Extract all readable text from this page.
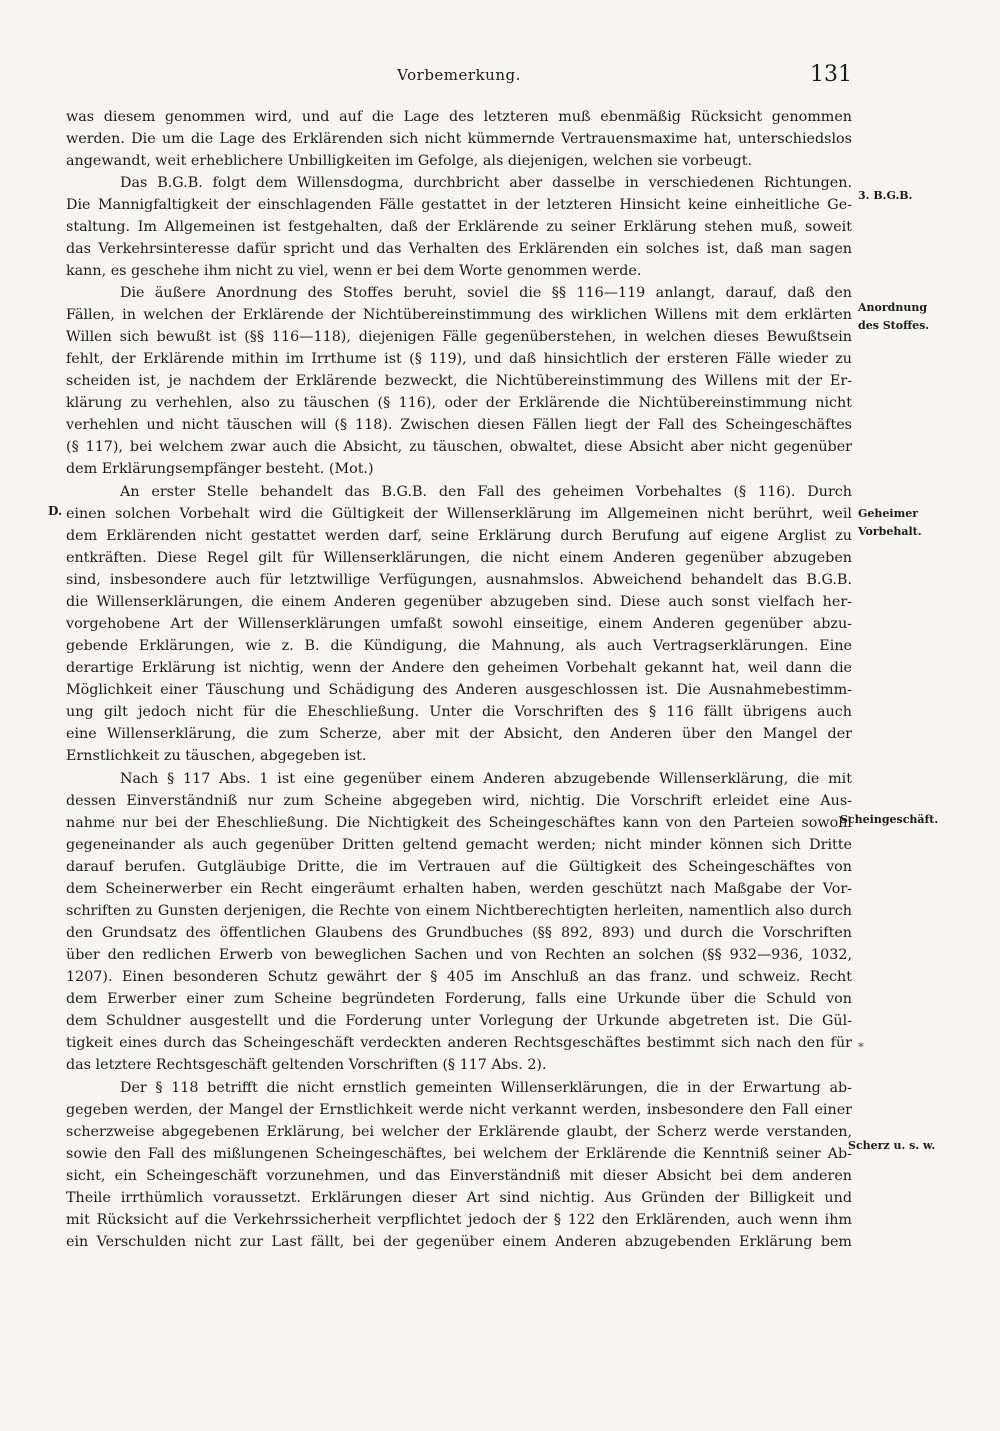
Vorbemerkung.	131
D.
was diesem genommen wird, und auf die Lage des letzteren muß ebenmäßig Rücksicht genommen
werden. Die um die Lage des Erklärenden sich nicht kümmernde Vertrauensmaxime hat, unterschiedslos
angewandt, weit erheblichere Unbilligkeiten im Gefolge, als diejenigen, welchen sie vorbeugt.
Das B.G.B. folgt dem Willensdogma, durchbricht aber dasselbe in verschiedenen Richtungen.
Die Mannigfaltigkeit der einschlagenden Fälle gestattet in der letzteren Hinsicht keine einheitliche Ge-
staltung. Im Allgemeinen ist festgehalten, daß der Erklärende zu seiner Erklärung stehen muß, soweit
das Verkehrsinteresse dafür spricht und das Verhalten des Erklärenden ein solches ist, daß man sagen
kann, es geschehe ihm nicht zu viel, wenn er bei dem Worte genommen werde.
Die äußere Anordnung des Stoffes beruht, soviel die §§ 116—119 anlangt, darauf, daß den
Fällen, in welchen der Erklärende der Nichtübereinstimmung des wirklichen Willens mit dem erklärten
Willen sich bewußt ist (§§ 116—118), diejenigen Fälle gegenüberstehen, in welchen dieses Bewußtsein
fehlt, der Erklärende mithin im Irrthume ist (§ 119), und daß hinsichtlich der ersteren Fälle wieder zu
scheiden ist, je nachdem der Erklärende bezweckt, die Nichtübereinstimmung des Willens mit der Er-
klärung zu verhehlen, also zu täuschen (§ 116), oder der Erklärende die Nichtübereinstimmung nicht
verhehlen und nicht täuschen will (§ 118). Zwischen diesen Fällen liegt der Fall des Scheingeschäftes
(§ 117), bei welchem zwar auch die Absicht, zu täuschen, obwaltet, diese Absicht aber nicht gegenüber
dem Erklärungsempfänger besteht. (Mot.)
An erster Stelle behandelt das B.G.B. den Fall des geheimen Vorbehaltes (§ 116). Durch
einen solchen Vorbehalt wird die Gültigkeit der Willenserklärung im Allgemeinen nicht berührt, weil
dem Erklärenden nicht gestattet werden darf, seine Erklärung durch Berufung auf eigene Arglist zu
entkräften. Diese Regel gilt für Willenserklärungen, die nicht einem Anderen gegenüber abzugeben
sind, insbesondere auch für letztwillige Verfügungen, ausnahmslos. Abweichend behandelt das B.G.B.
die Willenserklärungen, die einem Anderen gegenüber abzugeben sind. Diese auch sonst vielfach her-
vorgehobene Art der Willenserklärungen umfaßt sowohl einseitige, einem Anderen gegenüber abzu-
gebende Erklärungen, wie z. B. die Kündigung, die Mahnung, als auch Vertragserklärungen. Eine
derartige Erklärung ist nichtig, wenn der Andere den geheimen Vorbehalt gekannt hat, weil dann die
Möglichkeit einer Täuschung und Schädigung des Anderen ausgeschlossen ist. Die Ausnahmebestimm-
ung gilt jedoch nicht für die Eheschließung. Unter die Vorschriften des § 116 fällt übrigens auch
eine Willenserklärung, die zum Scherze, aber mit der Absicht, den Anderen über den Mangel der
Ernstlichkeit zu täuschen, abgegeben ist.
Nach § 117 Abs. 1 ist eine gegenüber einem Anderen abzugebende Willenserklärung, die mit
dessen Einverständniß nur zum Scheine abgegeben wird, nichtig. Die Vorschrift erleidet eine Aus-
nahme nur bei der Eheschließung. Die Nichtigkeit des Scheingeschäftes kann von den Parteien sowohl
gegeneinander als auch gegenüber Dritten geltend gemacht werden; nicht minder können sich Dritte
darauf berufen. Gutgläubige Dritte, die im Vertrauen auf die Gültigkeit des Scheingeschäftes von
dem Scheinerwerber ein Recht eingeräumt erhalten haben, werden geschützt nach Maßgabe der Vor-
schriften zu Gunsten derjenigen, die Rechte von einem Nichtberechtigten herleiten, namentlich also durch
den Grundsatz des öffentlichen Glaubens des Grundbuches (§§ 892, 893) und durch die Vorschriften
über den redlichen Erwerb von beweglichen Sachen und von Rechten an solchen (§§ 932—936, 1032,
1207). Einen besonderen Schutz gewährt der § 405 im Anschluß an das franz. und schweiz. Recht
dem Erwerber einer zum Scheine begründeten Forderung, falls eine Urkunde über die Schuld von
dem Schuldner ausgestellt und die Forderung unter Vorlegung der Urkunde abgetreten ist. Die Gül-
tigkeit eines durch das Scheingeschäft verdeckten anderen Rechtsgeschäftes bestimmt sich nach den für
das letztere Rechtsgeschäft geltenden Vorschriften (§ 117 Abs. 2).
Der § 118 betrifft die nicht ernstlich gemeinten Willenserklärungen, die in der Erwartung ab-
gegeben werden, der Mangel der Ernstlichkeit werde nicht verkannt werden, insbesondere den Fall einer
scherzweise abgegebenen Erklärung, bei welcher der Erklärende glaubt, der Scherz werde verstanden,
sowie den Fall des mißlungenen Scheingeschäftes, bei welchem der Erklärende die Kenntniß seiner Ab-
sicht, ein Scheingeschäft vorzunehmen, und das Einverständniß mit dieser Absicht bei dem anderen
Theile irrthümlich voraussetzt. Erklärungen dieser Art sind nichtig. Aus Gründen der Billigkeit und
mit Rücksicht auf die Verkehrssicherheit verpflichtet jedoch der § 122 den Erklärenden, auch wenn ihm
ein Verschulden nicht zur Last fällt, bei der gegenüber einem Anderen abzugebenden Erklärung bem
3. B.G.B.
Anordnung
des Stoffes.
Geheimer
Vorbehalt.
Scheingeschäft.
Scherz u. s. w.
*
